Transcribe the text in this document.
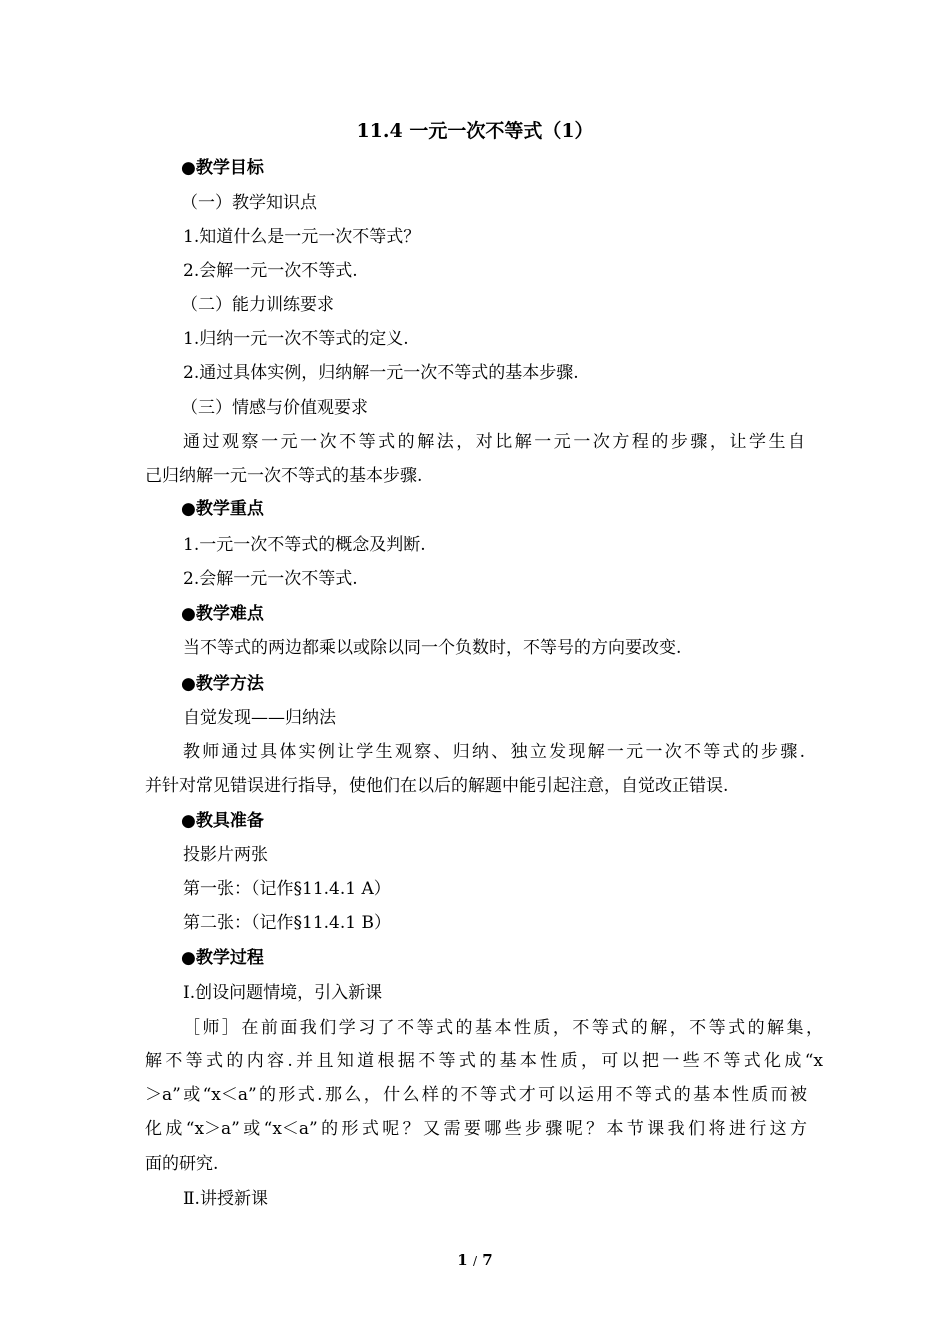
11.4 一元一次不等式（1）
●教学目标
（一）教学知识点
1.知道什么是一元一次不等式？
2.会解一元一次不等式.
（二）能力训练要求
1.归纳一元一次不等式的定义.
2.通过具体实例，归纳解一元一次不等式的基本步骤.
（三）情感与价值观要求
通过观察一元一次不等式的解法，对比解一元一次方程的步骤，让学生自
己归纳解一元一次不等式的基本步骤.
●教学重点
1.一元一次不等式的概念及判断.
2.会解一元一次不等式.
●教学难点
当不等式的两边都乘以或除以同一个负数时，不等号的方向要改变.
●教学方法
自觉发现——归纳法
教师通过具体实例让学生观察、归纳、独立发现解一元一次不等式的步骤.
并针对常见错误进行指导，使他们在以后的解题中能引起注意，自觉改正错误.
●教具准备
投影片两张
第一张：（记作§11.4.1 A）
第二张：（记作§11.4.1 B）
●教学过程
Ⅰ.创设问题情境，引入新课
［师］在前面我们学习了不等式的基本性质，不等式的解，不等式的解集，
解不等式的内容.并且知道根据不等式的基本性质，可以把一些不等式化成“x
＞a”或“x＜a”的形式.那么，什么样的不等式才可以运用不等式的基本性质而被
化成“x＞a”或“x＜a”的形式呢？又需要哪些步骤呢？本节课我们将进行这方
面的研究.
Ⅱ.讲授新课
1 / 7
